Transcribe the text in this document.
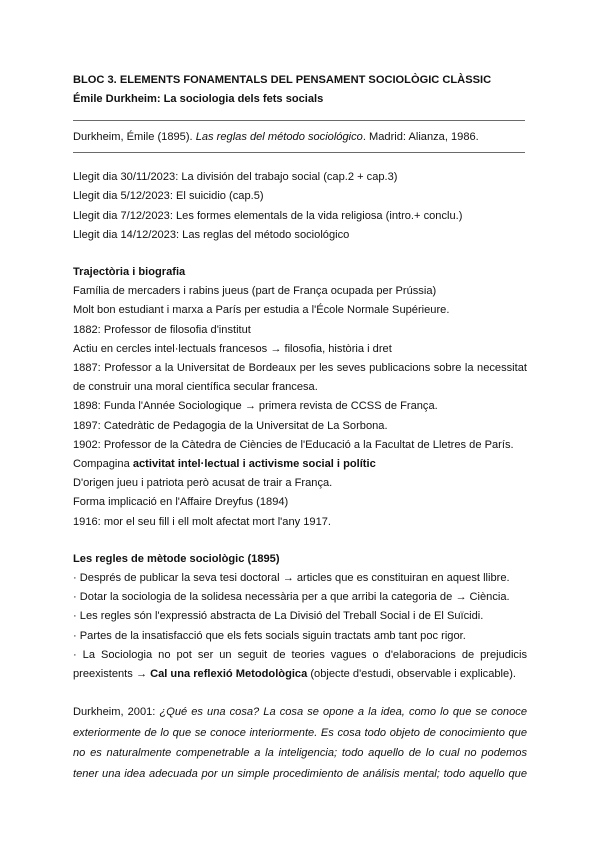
BLOC 3. ELEMENTS FONAMENTALS DEL PENSAMENT SOCIOLÒGIC CLÀSSIC
Émile Durkheim: La sociologia dels fets socials
Durkheim, Émile (1895). Las reglas del método sociológico. Madrid: Alianza, 1986.
Llegit dia 30/11/2023: La división del trabajo social (cap.2 + cap.3)
Llegit dia 5/12/2023: El suicidio (cap.5)
Llegit dia 7/12/2023: Les formes elementals de la vida religiosa (intro.+ conclu.)
Llegit dia 14/12/2023: Las reglas del método sociológico
Trajectòria i biografia
Família de mercaders i rabins jueus (part de França ocupada per Prússia)
Molt bon estudiant i marxa a París per estudia a l'École Normale Supérieure.
1882: Professor de filosofia d'institut
Actiu en cercles intel·lectuals francesos → filosofia, història i dret
1887: Professor a la Universitat de Bordeaux per les seves publicacions sobre la necessitat
de construir una moral científica secular francesa.
1898: Funda l'Année Sociologique → primera revista de CCSS de França.
1897: Catedràtic de Pedagogia de la Universitat de La Sorbona.
1902: Professor de la Càtedra de Ciències de l'Educació a la Facultat de Lletres de París.
Compagina activitat intel·lectual i activisme social i polític
D'origen jueu i patriota però acusat de trair a França.
Forma implicació en l'Affaire Dreyfus (1894)
1916: mor el seu fill i ell molt afectat mort l'any 1917.
Les regles de mètode sociològic (1895)
· Després de publicar la seva tesi doctoral → articles que es constituiran en aquest llibre.
· Dotar la sociologia de la solidesa necessària per a que arribi la categoria de → Ciència.
· Les regles són l'expressió abstracta de La Divisió del Treball Social i de El Suïcidi.
· Partes de la insatisfacció que els fets socials siguin tractats amb tant poc rigor.
· La Sociologia no pot ser un seguit de teories vagues o d'elaboracions de prejudicis
preexistents → Cal una reflexió Metodològica (objecte d'estudi, observable i explicable).
Durkheim, 2001: ¿Qué es una cosa? La cosa se opone a la idea, como lo que se conoce
exteriormente de lo que se conoce interiormente. Es cosa todo objeto de conocimiento que
no es naturalmente compenetrable a la inteligencia; todo aquello de lo cual no podemos
tener una idea adecuada por un simple procedimiento de análisis mental; todo aquello que
